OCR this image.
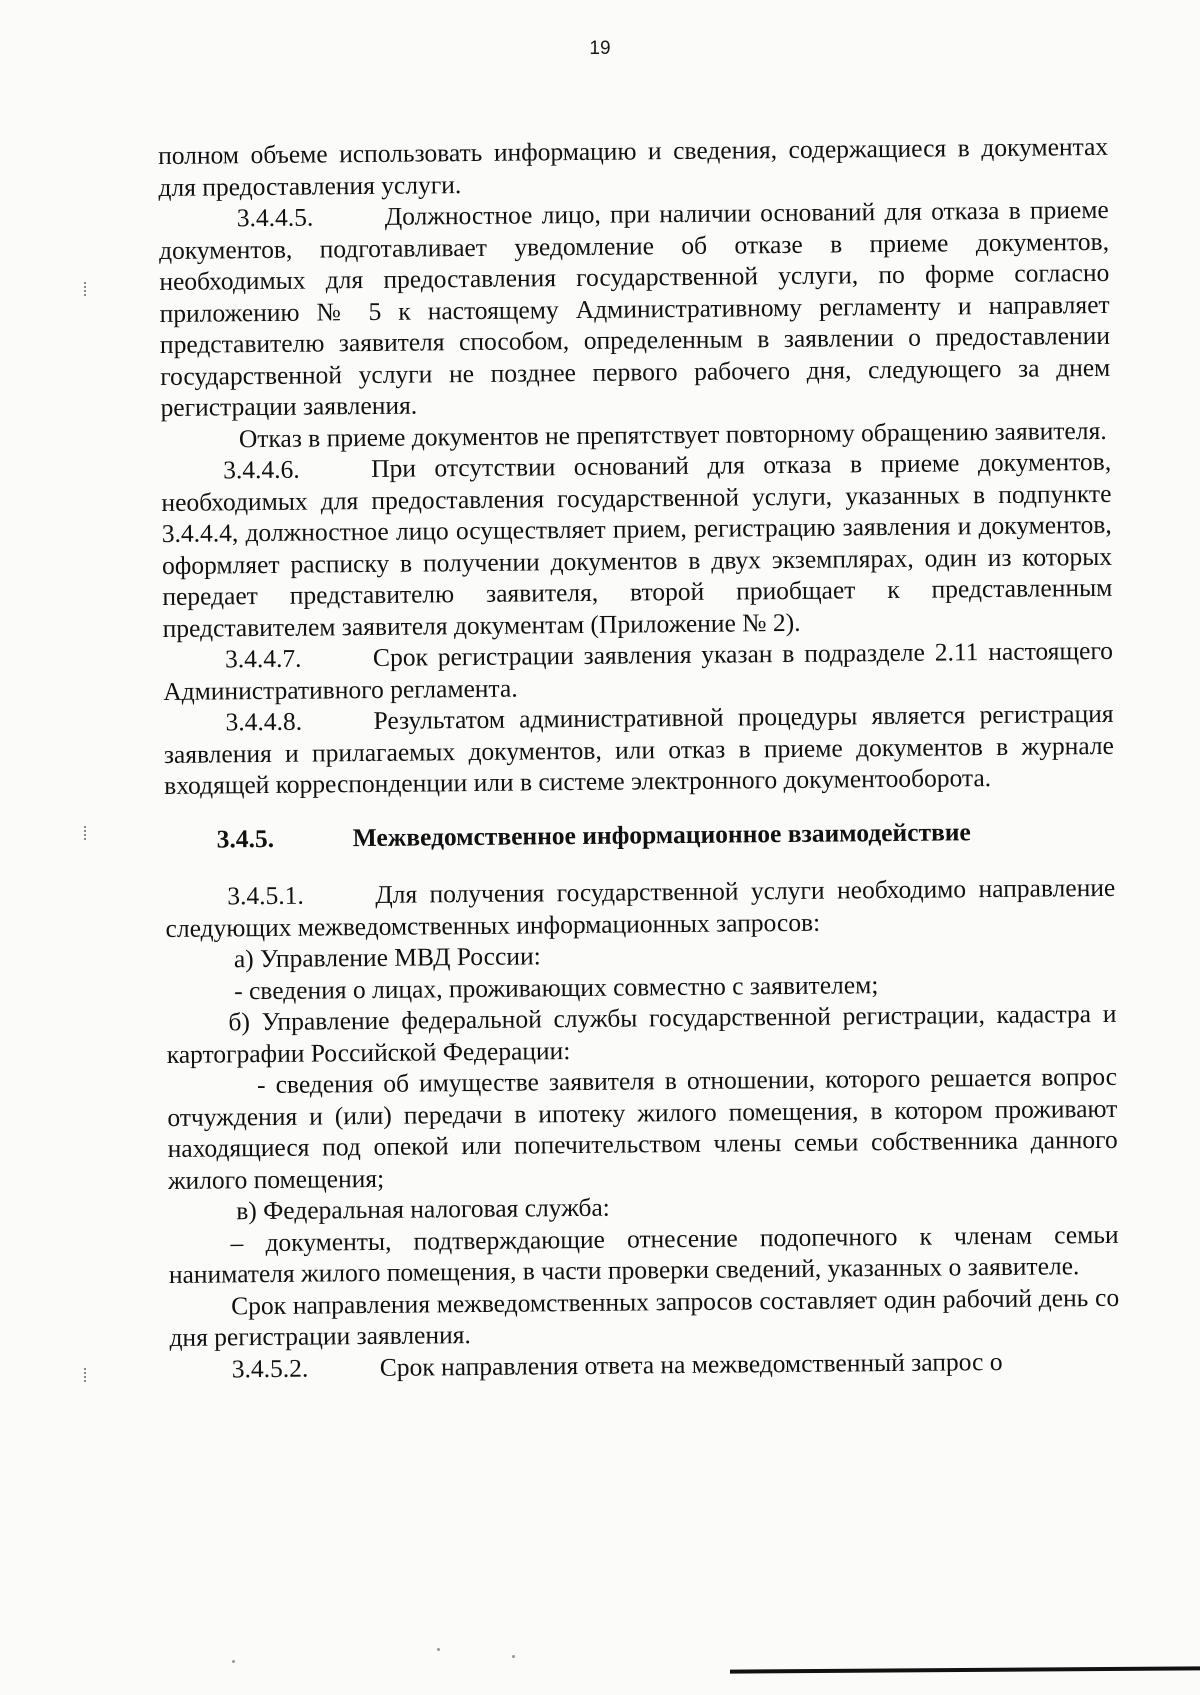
19

полном объеме использовать информацию и сведения, содержащиеся в документах для предоставления услуги.

3.4.4.5.	Должностное лицо, при наличии оснований для отказа в приеме документов, подготавливает уведомление об отказе в приеме документов, необходимых для предоставления государственной услуги, по форме согласно приложению № 5 к настоящему Административному регламенту и направляет представителю заявителя способом, определенным в заявлении о предоставлении государственной услуги не позднее первого рабочего дня, следующего за днем регистрации заявления.

Отказ в приеме документов не препятствует повторному обращению заявителя.

3.4.4.6.	При отсутствии оснований для отказа в приеме документов, необходимых для предоставления государственной услуги, указанных в подпункте 3.4.4.4, должностное лицо осуществляет прием, регистрацию заявления и документов, оформляет расписку в получении документов в двух экземплярах, один из которых передает представителю заявителя, второй приобщает к представленным представителем заявителя документам (Приложение № 2).

3.4.4.7.	Срок регистрации заявления указан в подразделе 2.11 настоящего Административного регламента.

3.4.4.8.	Результатом административной процедуры является регистрация заявления и прилагаемых документов, или отказ в приеме документов в журнале входящей корреспонденции или в системе электронного документооборота.

3.4.5.	Межведомственное информационное взаимодействие

3.4.5.1.	Для получения государственной услуги необходимо направление следующих межведомственных информационных запросов:

а) Управление МВД России:

- сведения о лицах, проживающих совместно с заявителем;

б) Управление федеральной службы государственной регистрации, кадастра и картографии Российской Федерации:

- сведения об имуществе заявителя в отношении, которого решается вопрос отчуждения и (или) передачи в ипотеку жилого помещения, в котором проживают находящиеся под опекой или попечительством члены семьи собственника данного жилого помещения;

в) Федеральная налоговая служба:

– документы, подтверждающие отнесение подопечного к членам семьи нанимателя жилого помещения, в части проверки сведений, указанных о заявителе.

Срок направления межведомственных запросов составляет один рабочий день со дня регистрации заявления.

3.4.5.2.	Срок направления ответа на межведомственный запрос о
